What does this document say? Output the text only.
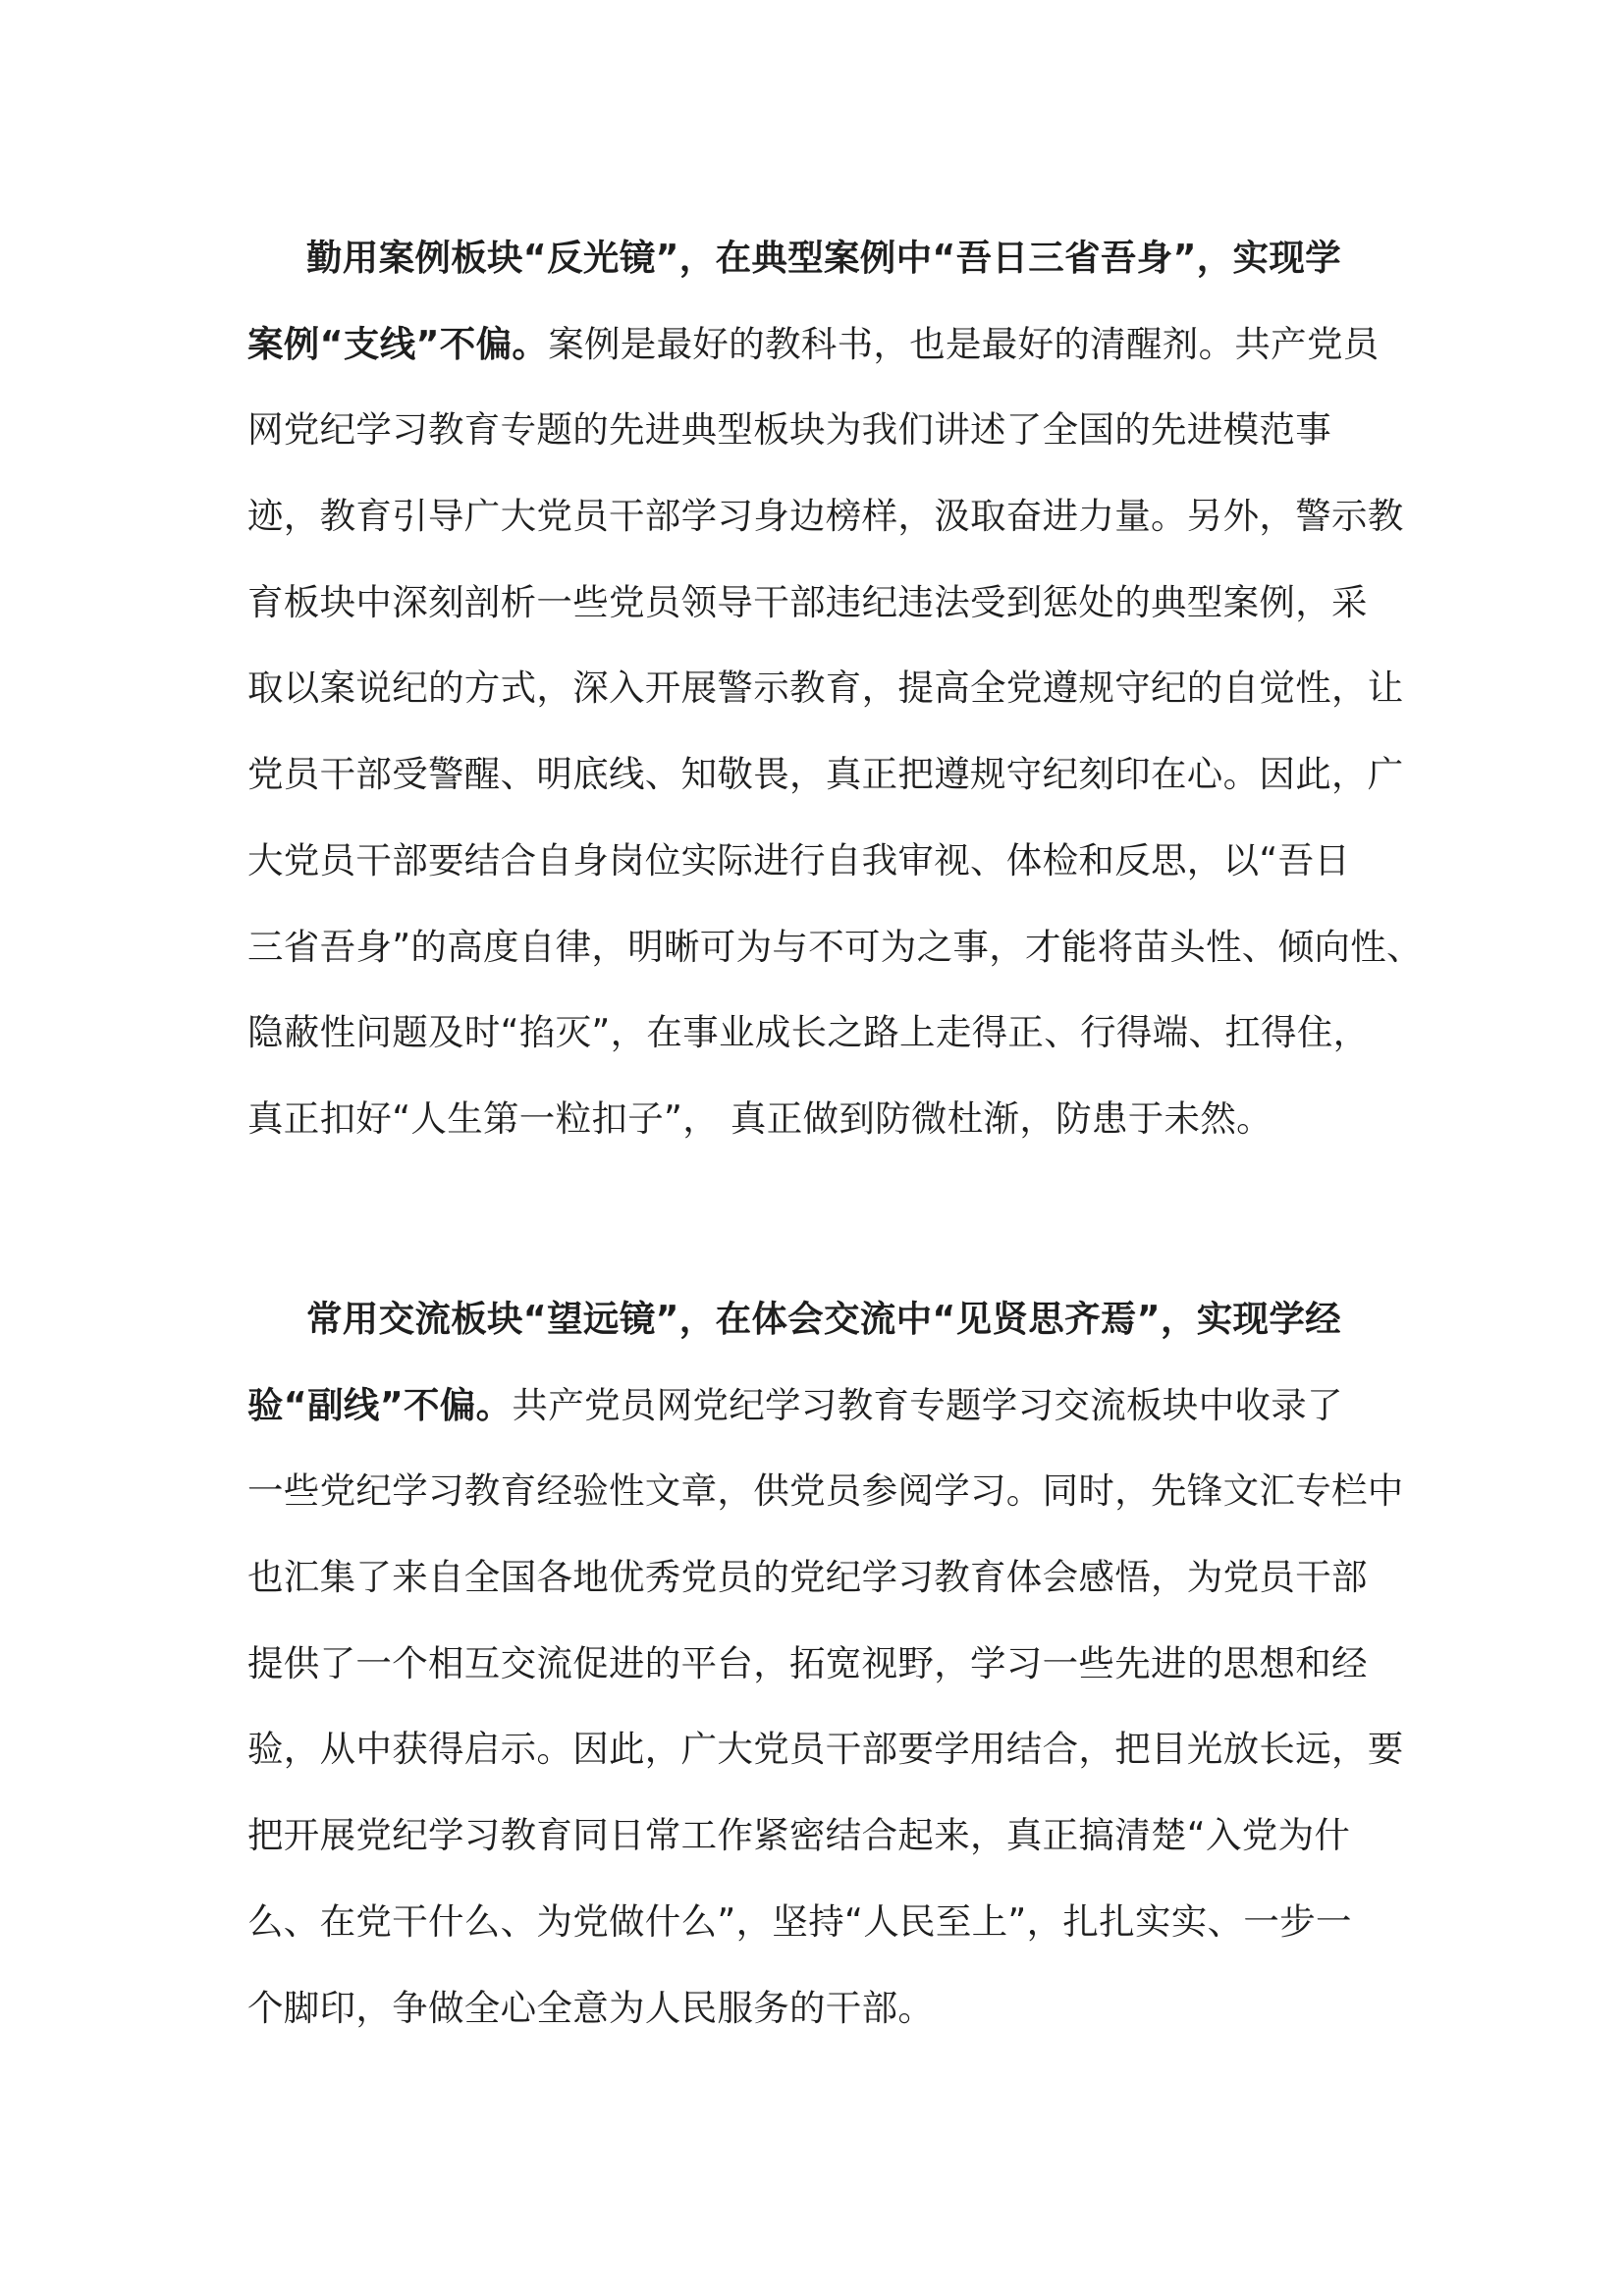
勤用案例板块“反光镜”，在典型案例中“吾日三省吾身”，实现学
案例“支线”不偏。案例是最好的教科书，也是最好的清醒剂。共产党员
网党纪学习教育专题的先进典型板块为我们讲述了全国的先进模范事
迹，教育引导广大党员干部学习身边榜样，汲取奋进力量。另外，警示教
育板块中深刻剖析一些党员领导干部违纪违法受到惩处的典型案例，采
取以案说纪的方式，深入开展警示教育，提高全党遵规守纪的自觉性，让
党员干部受警醒、明底线、知敬畏，真正把遵规守纪刻印在心。因此，广
大党员干部要结合自身岗位实际进行自我审视、体检和反思，以“吾日
三省吾身”的高度自律，明晰可为与不可为之事，才能将苗头性、倾向性、
隐蔽性问题及时“掐灭”，在事业成长之路上走得正、行得端、扛得住，
真正扣好“人生第一粒扣子”， 真正做到防微杜渐，防患于未然。
常用交流板块“望远镜”，在体会交流中“见贤思齐焉”，实现学经
验“副线”不偏。共产党员网党纪学习教育专题学习交流板块中收录了
一些党纪学习教育经验性文章，供党员参阅学习。同时，先锋文汇专栏中
也汇集了来自全国各地优秀党员的党纪学习教育体会感悟，为党员干部
提供了一个相互交流促进的平台，拓宽视野，学习一些先进的思想和经
验，从中获得启示。因此，广大党员干部要学用结合，把目光放长远，要
把开展党纪学习教育同日常工作紧密结合起来，真正搞清楚“入党为什
么、在党干什么、为党做什么”，坚持“人民至上”，扎扎实实、一步一
个脚印，争做全心全意为人民服务的干部。
